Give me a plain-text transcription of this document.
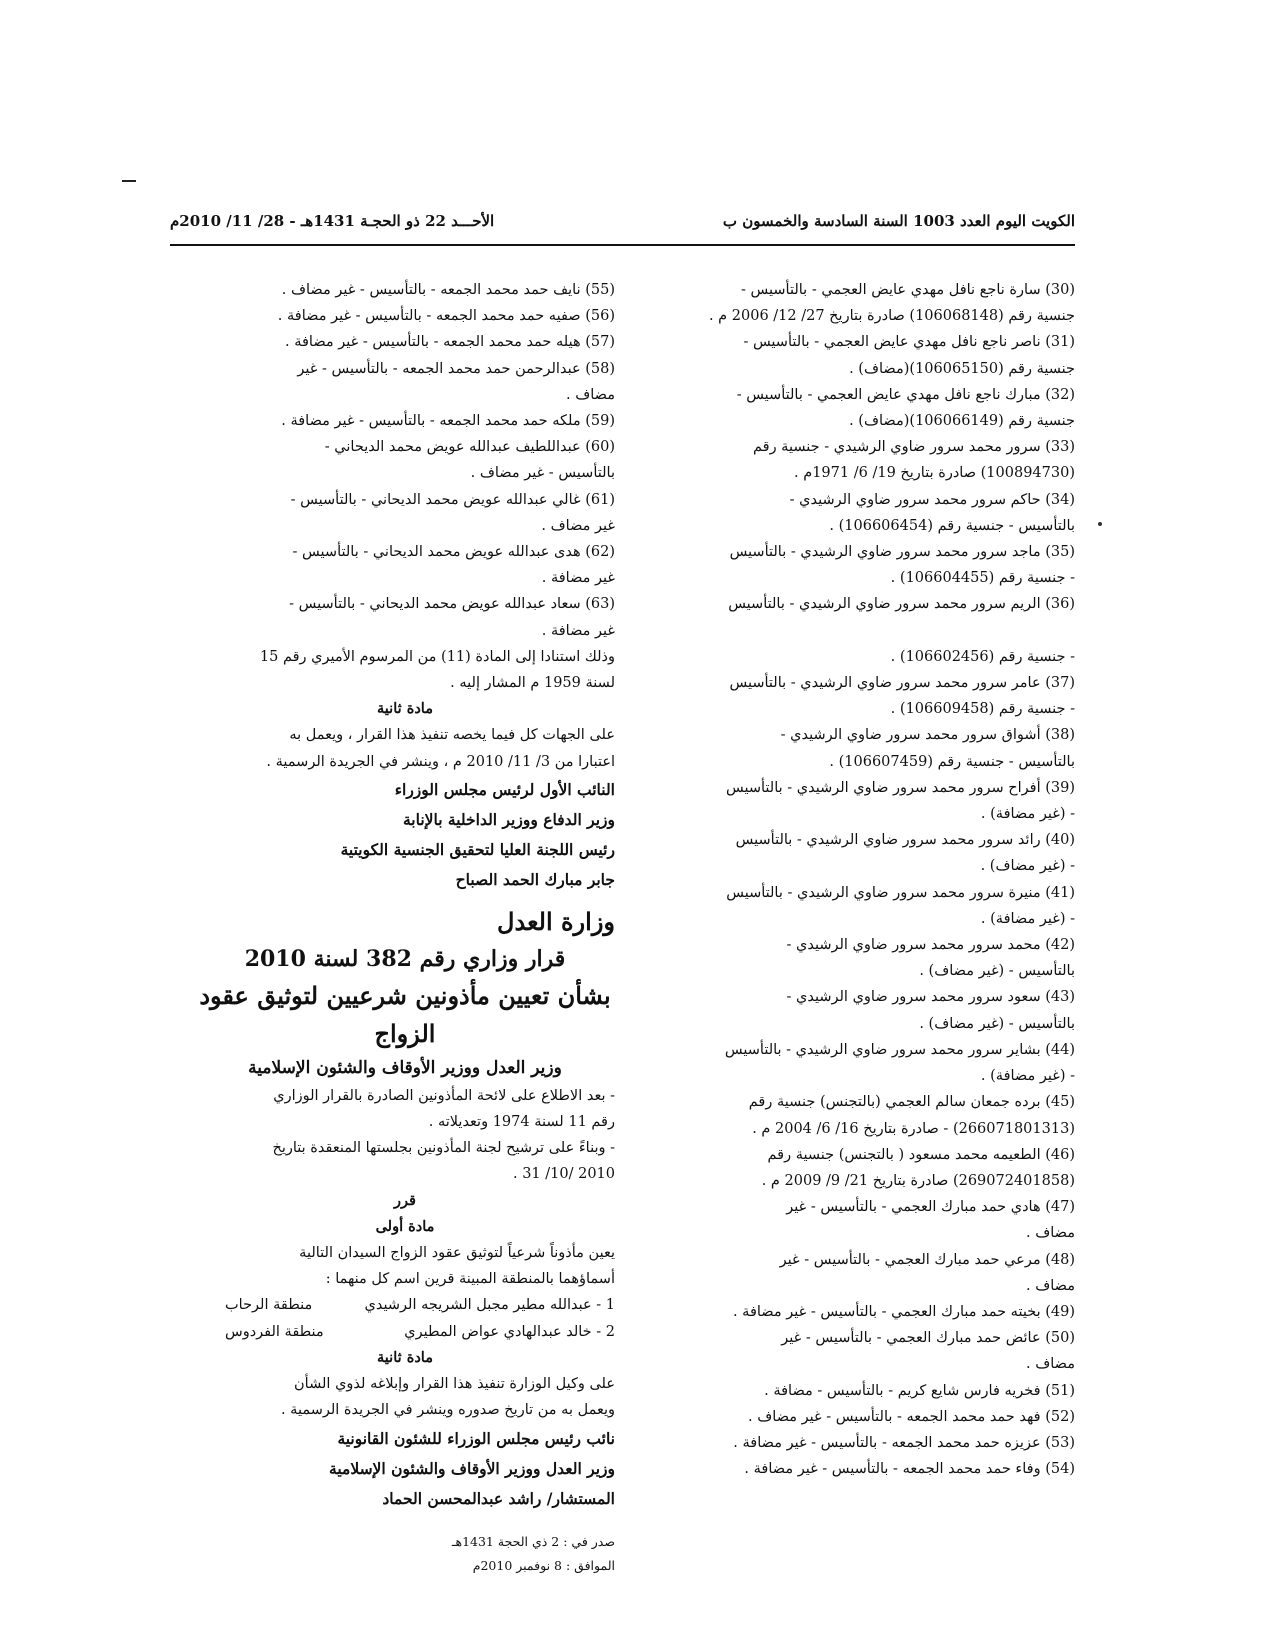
الكويت اليوم العدد 1003 السنة السادسة والخمسون ب
الأحـــد 22 ذو الحجـة 1431هـ - 28/ 11/ 2010م
(30) سارة ناجع نافل مهدي عايض العجمي - بالتأسيس -
جنسية رقم (106068148) صادرة بتاريخ 27/ 12/ 2006 م .
(31) ناصر ناجع نافل مهدي عايض العجمي - بالتأسيس -
جنسية رقم (106065150)(مضاف) .
(32) مبارك ناجع نافل مهدي عايض العجمي - بالتأسيس -
جنسية رقم (106066149)(مضاف) .
(33) سرور محمد سرور ضاوي الرشيدي - جنسية رقم
(100894730) صادرة بتاريخ 19/ 6/ 1971م .
(34) حاكم سرور محمد سرور ضاوي الرشيدي -
بالتأسيس - جنسية رقم (106606454) .
(35) ماجد سرور محمد سرور ضاوي الرشيدي - بالتأسيس
- جنسية رقم (106604455) .
(36) الريم سرور محمد سرور ضاوي الرشيدي - بالتأسيس

- جنسية رقم (106602456) .
(37) عامر سرور محمد سرور ضاوي الرشيدي - بالتأسيس
- جنسية رقم (106609458) .
(38) أشواق سرور محمد سرور ضاوي الرشيدي -
بالتأسيس - جنسية رقم (106607459) .
(39) أفراح سرور محمد سرور ضاوي الرشيدي - بالتأسيس
- (غير مضافة) .
(40) رائد سرور محمد سرور ضاوي الرشيدي - بالتأسيس
- (غير مضاف) .
(41) منيرة سرور محمد سرور ضاوي الرشيدي - بالتأسيس
- (غير مضافة) .
(42) محمد سرور محمد سرور ضاوي الرشيدي -
بالتأسيس - (غير مضاف) .
(43) سعود سرور محمد سرور ضاوي الرشيدي -
بالتأسيس - (غير مضاف) .
(44) بشاير سرور محمد سرور ضاوي الرشيدي - بالتأسيس
- (غير مضافة) .
(45) برده جمعان سالم العجمي (بالتجنس) جنسية رقم
(266071801313) - صادرة بتاريخ 16/ 6/ 2004 م .
(46) الطعيمه محمد مسعود ( بالتجنس) جنسية رقم
(269072401858) صادرة بتاريخ 21/ 9/ 2009 م .
(47) هادي حمد مبارك العجمي - بالتأسيس - غير
مضاف .
(48) مرعي حمد مبارك العجمي - بالتأسيس - غير
مضاف .
(49) بخيته حمد مبارك العجمي - بالتأسيس - غير مضافة .
(50) عائض حمد مبارك العجمي - بالتأسيس - غير
مضاف .
(51) فخريه فارس شايع كريم - بالتأسيس - مضافة .
(52) فهد حمد محمد الجمعه - بالتأسيس - غير مضاف .
(53) عزيزه حمد محمد الجمعه - بالتأسيس - غير مضافة .
(54) وفاء حمد محمد الجمعه - بالتأسيس - غير مضافة .
(55) نايف حمد محمد الجمعه - بالتأسيس - غير مضاف .
(56) صفيه حمد محمد الجمعه - بالتأسيس - غير مضافة .
(57) هيله حمد محمد الجمعه - بالتأسيس - غير مضافة .
(58) عبدالرحمن حمد محمد الجمعه - بالتأسيس - غير
مضاف .
(59) ملكه حمد محمد الجمعه - بالتأسيس - غير مضافة .
(60) عبداللطيف عبدالله عويض محمد الديحاني -
بالتأسيس - غير مضاف .
(61) غالي عبدالله عويض محمد الديحاني - بالتأسيس -
غير مضاف .
(62) هدى عبدالله عويض محمد الديحاني - بالتأسيس -
غير مضافة .
(63) سعاد عبدالله عويض محمد الديحاني - بالتأسيس -
غير مضافة .
وذلك استنادا إلى المادة (11) من المرسوم الأميري رقم 15
لسنة 1959 م المشار إليه .
مادة ثانية
على الجهات كل فيما يخصه تنفيذ هذا القرار ، ويعمل به
اعتبارا من 3/ 11/ 2010 م ، وينشر في الجريدة الرسمية .
النائب الأول لرئيس مجلس الوزراء
وزير الدفاع ووزير الداخلية بالإنابة
رئيس اللجنة العليا لتحقيق الجنسية الكويتية
جابر مبارك الحمد الصباح
وزارة العدل
قرار وزاري رقم 382 لسنة 2010
بشأن تعيين مأذونين شرعيين لتوثيق عقود الزواج
وزير العدل ووزير الأوقاف والشئون الإسلامية
- بعد الاطلاع على لائحة المأذونين الصادرة بالقرار الوزاري
رقم 11 لسنة 1974 وتعديلاته .
- وبناءً على ترشيح لجنة المأذونين بجلستها المنعقدة بتاريخ
2010 /10/ 31 .
قرر
مادة أولى
يعين مأذوناً شرعياً لتوثيق عقود الزواج السيدان التالية
أسماؤهما بالمنطقة المبينة قرين اسم كل منهما :
1 - عبدالله مطير مجبل الشريجه الرشيدي
منطقة الرحاب
2 - خالد عبدالهادي عواض المطيري
منطقة الفردوس
مادة ثانية
على وكيل الوزارة تنفيذ هذا القرار وإبلاغه لذوي الشأن
ويعمل به من تاريخ صدوره وينشر في الجريدة الرسمية .
نائب رئيس مجلس الوزراء للشئون القانونية
وزير العدل ووزير الأوقاف والشئون الإسلامية
المستشار/ راشد عبدالمحسن الحماد
صدر في : 2 ذي الحجة 1431هـ
الموافق : 8 نوفمبر 2010م
